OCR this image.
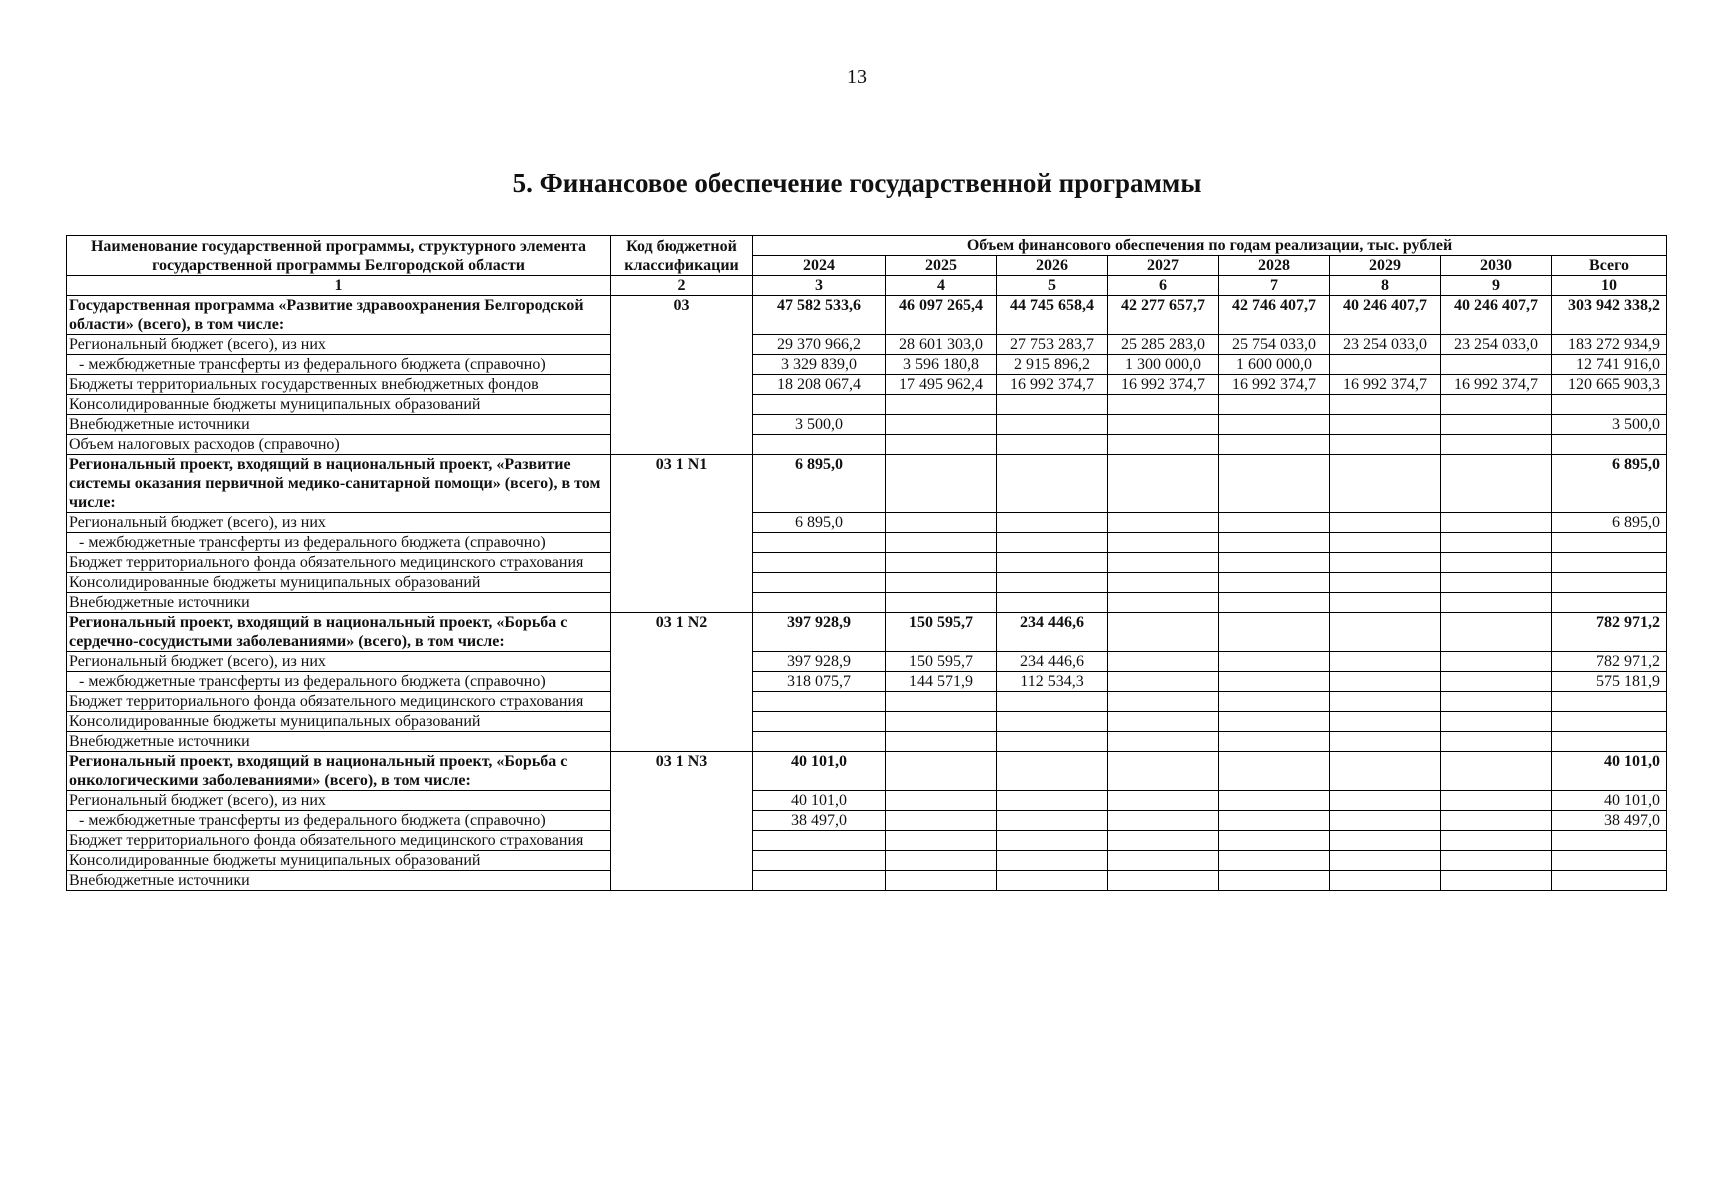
13
5. Финансовое обеспечение государственной программы
Наименование государственной программы, структурного элемента государственной программы Белгородской области	Код бюджетной классификации	Объем финансового обеспечения по годам реализации, тыс. рублей							
		2024	2025	2026	2027	2028	2029	2030	Всего
1	2	3	4	5	6	7	8	9	10
Государственная программа «Развитие здравоохранения Белгородской области» (всего), в том числе:	03	47 582 533,6	46 097 265,4	44 745 658,4	42 277 657,7	42 746 407,7	40 246 407,7	40 246 407,7	303 942 338,2
Региональный бюджет (всего), из них		29 370 966,2	28 601 303,0	27 753 283,7	25 285 283,0	25 754 033,0	23 254 033,0	23 254 033,0	183 272 934,9
- межбюджетные трансферты из федерального бюджета (справочно)		3 329 839,0	3 596 180,8	2 915 896,2	1 300 000,0	1 600 000,0			12 741 916,0
Бюджеты территориальных государственных внебюджетных фондов		18 208 067,4	17 495 962,4	16 992 374,7	16 992 374,7	16 992 374,7	16 992 374,7	16 992 374,7	120 665 903,3
Консолидированные бюджеты муниципальных образований									
Внебюджетные источники		3 500,0							3 500,0
Объем налоговых расходов (справочно)									
Региональный проект, входящий в национальный проект, «Развитие системы оказания первичной медико-санитарной помощи» (всего), в том числе:	03 1 N1	6 895,0							6 895,0
Региональный бюджет (всего), из них		6 895,0							6 895,0
- межбюджетные трансферты из федерального бюджета (справочно)									
Бюджет территориального фонда обязательного медицинского страхования									
Консолидированные бюджеты муниципальных образований									
Внебюджетные источники									
Региональный проект, входящий в национальный проект, «Борьба с сердечно-сосудистыми заболеваниями» (всего), в том числе:	03 1 N2	397 928,9	150 595,7	234 446,6					782 971,2
Региональный бюджет (всего), из них		397 928,9	150 595,7	234 446,6					782 971,2
- межбюджетные трансферты из федерального бюджета (справочно)		318 075,7	144 571,9	112 534,3					575 181,9
Бюджет территориального фонда обязательного медицинского страхования									
Консолидированные бюджеты муниципальных образований									
Внебюджетные источники									
Региональный проект, входящий в национальный проект, «Борьба с онкологическими заболеваниями» (всего), в том числе:	03 1 N3	40 101,0							40 101,0
Региональный бюджет (всего), из них		40 101,0							40 101,0
- межбюджетные трансферты из федерального бюджета (справочно)		38 497,0							38 497,0
Бюджет территориального фонда обязательного медицинского страхования									
Консолидированные бюджеты муниципальных образований									
Внебюджетные источники									
